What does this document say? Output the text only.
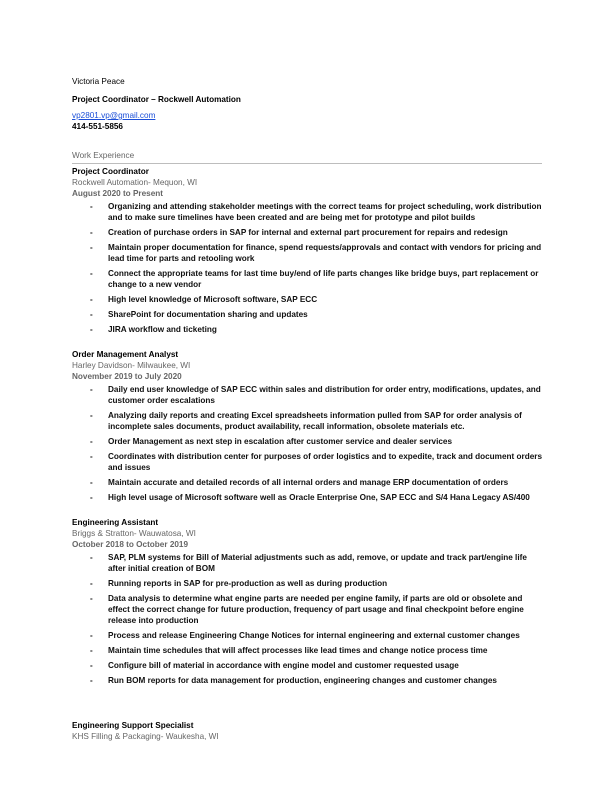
Victoria Peace

Project Coordinator – Rockwell Automation

vp2801.vp@gmail.com

414-551-5856

Work Experience

Project Coordinator

Rockwell Automation- Mequon, WI

August 2020 to Present

- Organizing and attending stakeholder meetings with the correct teams for project scheduling, work distribution and to make sure timelines have been created and are being met for prototype and pilot builds
- Creation of purchase orders in SAP for internal and external part procurement for repairs and redesign
- Maintain proper documentation for finance, spend requests/approvals and contact with vendors for pricing and lead time for parts and retooling work
- Connect the appropriate teams for last time buy/end of life parts changes like bridge buys, part replacement or change to a new vendor
- High level knowledge of Microsoft software, SAP ECC
- SharePoint for documentation sharing and updates
- JIRA workflow and ticketing

Order Management Analyst

Harley Davidson- Milwaukee, WI

November 2019 to July 2020

- Daily end user knowledge of SAP ECC within sales and distribution for order entry, modifications, updates, and customer order escalations
- Analyzing daily reports and creating Excel spreadsheets information pulled from SAP for order analysis of incomplete sales documents, product availability, recall information, obsolete materials etc.
- Order Management as next step in escalation after customer service and dealer services
- Coordinates with distribution center for purposes of order logistics and to expedite, track and document orders and issues
- Maintain accurate and detailed records of all internal orders and manage ERP documentation of orders
- High level usage of Microsoft software well as Oracle Enterprise One, SAP ECC and S/4 Hana Legacy AS/400

Engineering Assistant

Briggs & Stratton- Wauwatosa, WI

October 2018 to October 2019

- SAP, PLM systems for Bill of Material adjustments such as add, remove, or update and track part/engine life after initial creation of BOM
- Running reports in SAP for pre-production as well as during production
- Data analysis to determine what engine parts are needed per engine family, if parts are old or obsolete and effect the correct change for future production, frequency of part usage and final checkpoint before engine release into production
- Process and release Engineering Change Notices for internal engineering and external customer changes
- Maintain time schedules that will affect processes like lead times and change notice process time
- Configure bill of material in accordance with engine model and customer requested usage
- Run BOM reports for data management for production, engineering changes and customer changes

Engineering Support Specialist

KHS Filling & Packaging- Waukesha, WI
